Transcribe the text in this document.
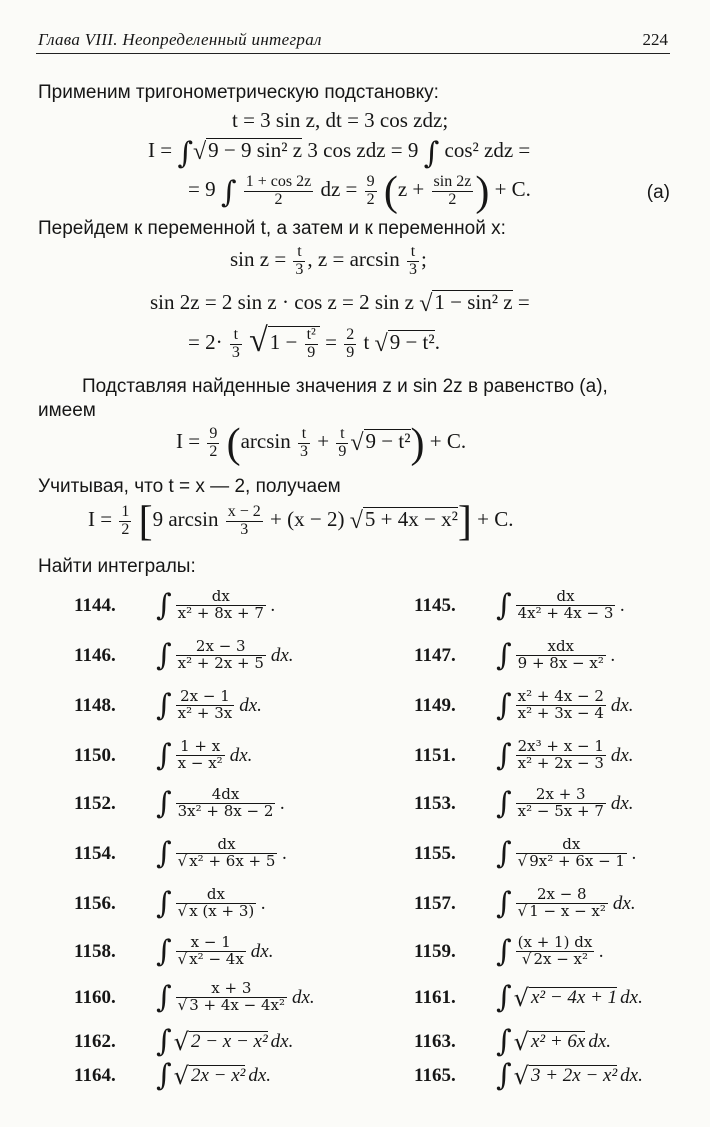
Глава VIII. Неопределенный интеграл	224
Применим тригонометрическую подстановку:
t = 3 sin z, dt = 3 cos zdz;
I = ∫√9 − 9 sin² z 3 cos zdz = 9 ∫ cos² zdz =
= 9 ∫ $\frac{1 + \cos 2z}{2}$ dz = $\frac{9}{2} (z + \frac{\sin 2z}{2}$ ) + C.	(a)
Перейдем к переменной t, а затем и к переменной x:
$\sin z = \frac{t}{3}$ , $z = \arcsin \frac{t}{3}$ ;
sin 2z = 2 sin z · cos z = 2 sin z √1 − sin² z =
= $2\cdot \frac{t}{3} √1 - \frac{\text{t²}}{9} = \frac{2}{9}$ t √9 − t².
Подставляя найденные значения z и sin 2z в равенство (a),
имеем
$I = \frac{9}{2} (\arcsin \frac{t}{3} + \frac{t}{9} √9 - t^2) + C$.
Учитывая, что t = x — 2, получаем
$I = \frac{1}{2} [9$ $\arcsin \frac{x - 2}{3} + (x - 2) √5 + 4x - x^2] + C$.
Найти интегралы:
1144.	∫ $\frac{dx}{\text{x² + 8x + 7}}$ .	1145.	∫ $\frac{dx}{\text{4x² + 4x − 3}}$ .
1146.	∫ $\frac{2x - 3}{\text{x² + 2x + 5}}$ dx.	1147.	∫ $\frac{\text{xdx}}{\text{9 + 8x − x²}}$ .
1148.	∫ $\frac{2x - 1}{\text{x² + 3x}}$ dx.	1149.	∫ $\frac{\text{x² + 4x − 2}}{\text{x² + 3x − 4}}$ dx.
1150.	∫ $\frac{1 + x}{\text{x − x²}}$ dx.	1151.	∫ $\frac{\text{2x³ + x − 1}}{\text{x² + 2x − 3}}$ dx.
1152.	∫ $\frac{4dx}{\text{3x² + 8x − 2}}$ .	1153.	∫ $\frac{2x + 3}{\text{x² − 5x + 7}}$ dx.
1154.	∫ $\frac{dx}{\text{√ x² + 6x + 5}}$ .	1155.	∫ $\frac{dx}{\text{√ 9x² + 6x − 1}}$ .
1156.	∫ $\frac{dx}{√ x (x + 3)}$ .	1157.	∫ $\frac{2x - 8}{\text{√ 1 − x − x²}}$ dx.
1158.	∫ $\frac{x - 1}{\text{√ x² − 4x}}$ dx.	1159.	∫ $\frac{(x + 1) dx}{\text{√ 2x − x²}}$ .
1160.	∫ $\frac{x + 3}{\text{√ 3 + 4x − 4x²}}$ dx.	1161.	∫ √ x² − 4x + 1 dx.
1162.	∫ √ 2 − x − x² dx.	1163.	∫ √ x² + 6x dx.
1164.	∫ √ 2x − x² dx.	1165.	∫ √ 3 + 2x − x² dx.
